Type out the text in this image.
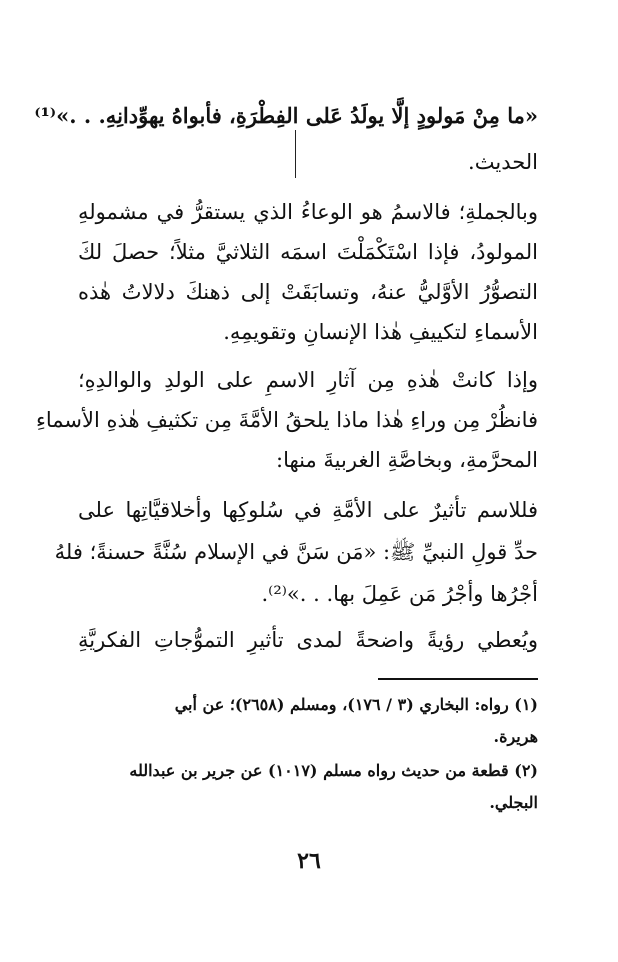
«ما مِنْ مَولودٍ إلَّا يولَدُ عَلى الفِطْرَةِ، فأبواهُ يهوِّدانِهِ. . .»⁽¹⁾
الحديث.
وبالجملةِ؛ فالاسمُ هو الوعاءُ الذي يستقرُّ في مشمولهِ
المولودُ، فإذا اسْتَكْمَلْتَ اسمَه الثلاثيَّ مثلاً؛ حصلَ لكَ
التصوُّرُ الأوَّليُّ عنهُ، وتسابَقَتْ إلى ذهنكَ دلالاتُ هٰذه
الأسماءِ لتكييفِ هٰذا الإنسانِ وتقويمِهِ.
وإذا كانتْ هٰذهِ مِن آثارِ الاسمِ على الولدِ والوالدِهِ؛
فانظُرْ مِن وراءِ هٰذا ماذا يلحقُ الأمَّةَ مِن تكثيفِ هٰذهِ الأسماءِ
المحرَّمةِ، وبخاصَّةِ الغربيةَ منها:
فللاسم تأثيرٌ على الأمَّةِ في سُلوكِها وأخلاقيَّاتِها على
حدِّ قولِ النبيِّ ﷺ: «مَن سَنَّ في الإسلام سُنَّةً حسنةً؛ فلهُ
أجْرُها وأجْرُ مَن عَمِلَ بها. . .»⁽²⁾.
ويُعطي رؤيةً واضحةً لمدى تأثيرِ التموُّجاتِ الفكريَّةِ
(١) رواه: البخاري (٣ / ١٧٦)، ومسلم (٢٦٥٨)؛ عن أبي
هريرة.
(٢) قطعة من حديث رواه مسلم (١٠١٧) عن جرير بن عبدالله
البجلي.
٢٦
